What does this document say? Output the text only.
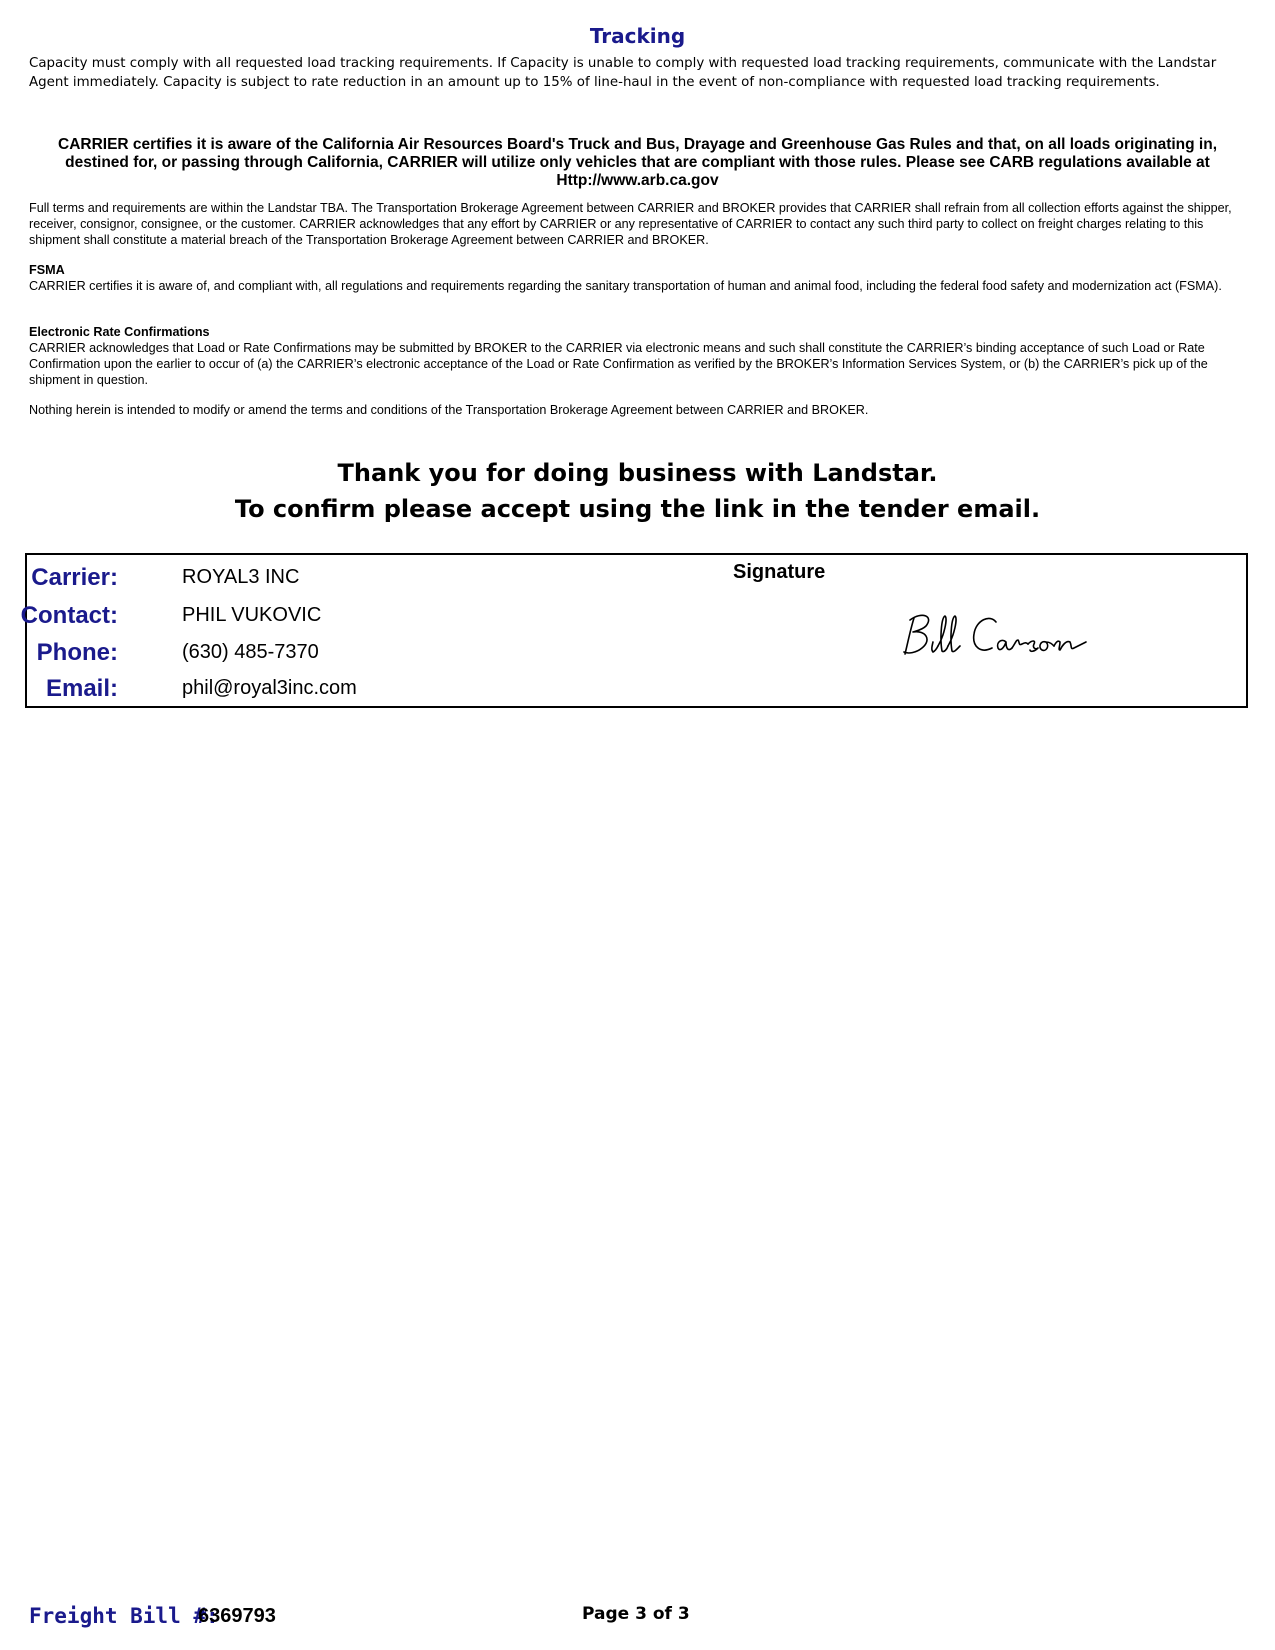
Tracking
Capacity must comply with all requested load tracking requirements. If Capacity is unable to comply with requested load tracking requirements, communicate with the Landstar Agent immediately. Capacity is subject to rate reduction in an amount up to 15% of line-haul in the event of non-compliance with requested load tracking requirements.
CARRIER certifies it is aware of the California Air Resources Board's Truck and Bus, Drayage and Greenhouse Gas Rules and that, on all loads originating in, destined for, or passing through California, CARRIER will utilize only vehicles that are compliant with those rules. Please see CARB regulations available at Http://www.arb.ca.gov
Full terms and requirements are within the Landstar TBA. The Transportation Brokerage Agreement between CARRIER and BROKER provides that CARRIER shall refrain from all collection efforts against the shipper, receiver, consignor, consignee, or the customer. CARRIER acknowledges that any effort by CARRIER or any representative of CARRIER to contact any such third party to collect on freight charges relating to this shipment shall constitute a material breach of the Transportation Brokerage Agreement between CARRIER and BROKER.
FSMA
CARRIER certifies it is aware of, and compliant with, all regulations and requirements regarding the sanitary transportation of human and animal food, including the federal food safety and modernization act (FSMA).
Electronic Rate Confirmations
CARRIER acknowledges that Load or Rate Confirmations may be submitted by BROKER to the CARRIER via electronic means and such shall constitute the CARRIER’s binding acceptance of such Load or Rate Confirmation upon the earlier to occur of (a) the CARRIER’s electronic acceptance of the Load or Rate Confirmation as verified by the BROKER’s Information Services System, or (b) the CARRIER’s pick up of the shipment in question.
Nothing herein is intended to modify or amend the terms and conditions of the Transportation Brokerage Agreement between CARRIER and BROKER.
Thank you for doing business with Landstar.
To confirm please accept using the link in the tender email.
Carrier:	ROYAL3 INC
Contact:	PHIL VUKOVIC
Phone:	(630) 485-7370
Email:	phil@royal3inc.com
Signature
Freight Bill #:
6369793	Page 3 of 3
